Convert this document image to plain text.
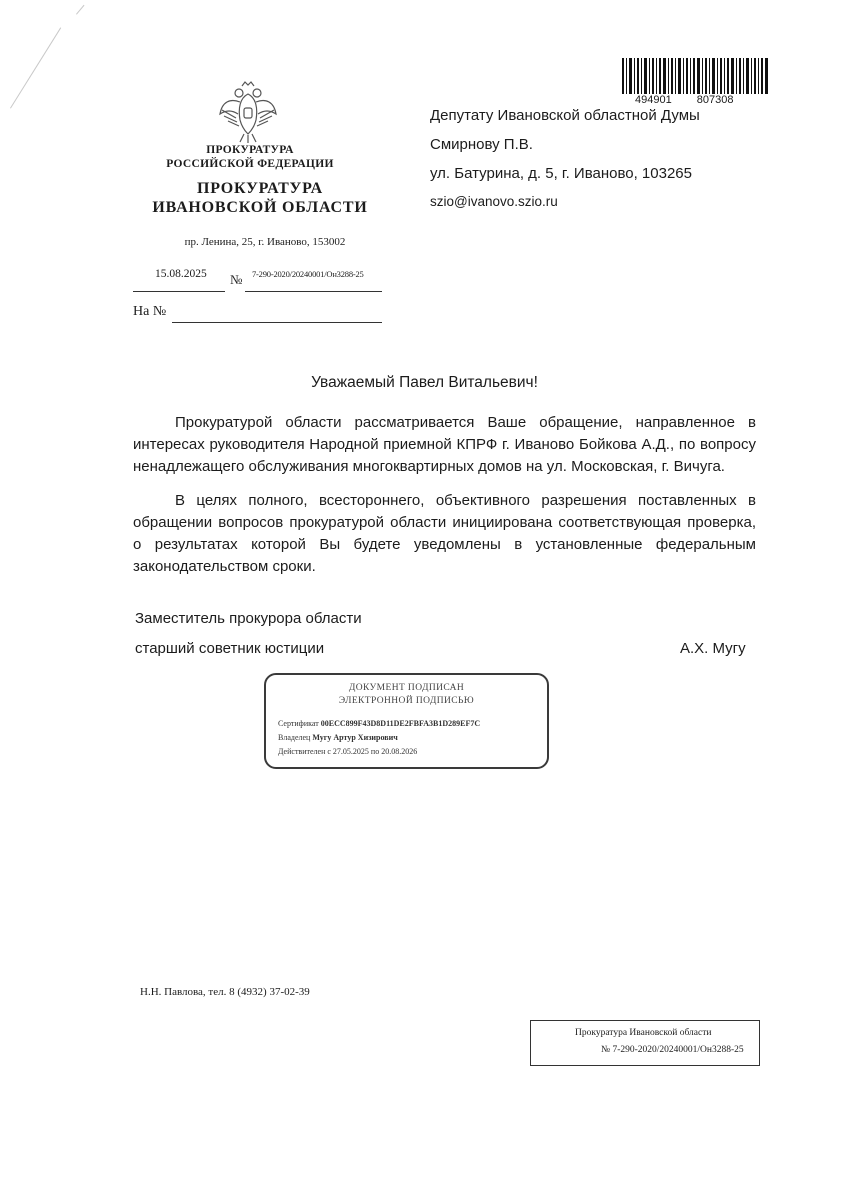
494901 807308
ПРОКУРАТУРА
РОССИЙСКОЙ ФЕДЕРАЦИИ
ПРОКУРАТУРА
ИВАНОВСКОЙ ОБЛАСТИ
пр. Ленина, 25, г. Иваново, 153002
15.08.2025 № 7-290-2020/20240001/Он3288-25
На №
Депутату Ивановской областной Думы
Смирнову П.В.
ул. Батурина, д. 5, г. Иваново, 103265
szio@ivanovo.szio.ru
Уважаемый Павел Витальевич!
Прокуратурой области рассматривается Ваше обращение, направленное в интересах руководителя Народной приемной КПРФ г. Иваново Бойкова А.Д., по вопросу ненадлежащего обслуживания многоквартирных домов на ул. Московская, г. Вичуга.
В целях полного, всестороннего, объективного разрешения поставленных в обращении вопросов прокуратурой области инициирована соответствующая проверка, о результатах которой Вы будете уведомлены в установленные федеральным законодательством сроки.
Заместитель прокурора области
старший советник юстиции	А.Х. Мугу
ДОКУМЕНТ ПОДПИСАН
ЭЛЕКТРОННОЙ ПОДПИСЬЮ
Сертификат 00ECC899F43D8D11DE2FBFA3B1D289EF7C
Владелец Мугу Артур Хизирович
Действителен с 27.05.2025 по 20.08.2026
Н.Н. Павлова, тел. 8 (4932) 37-02-39
Прокуратура Ивановской области
№ 7-290-2020/20240001/Он3288-25
